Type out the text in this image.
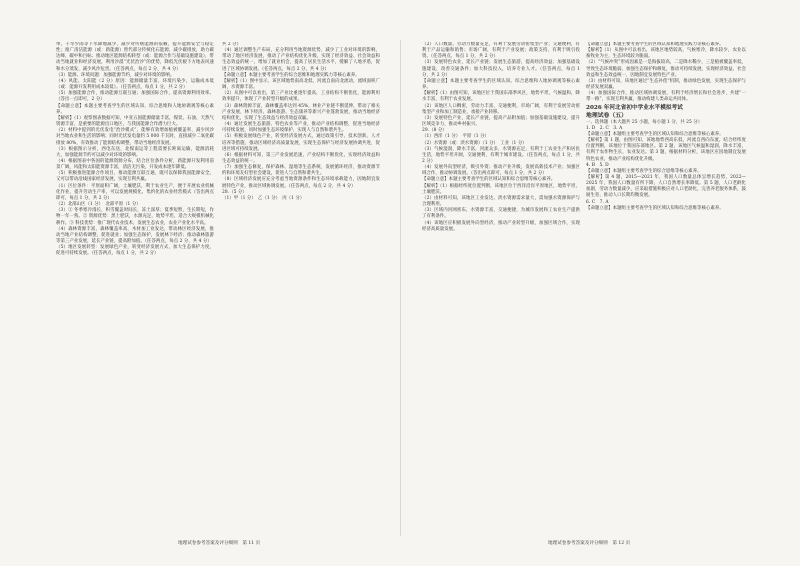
单，干旱少雨等下水降地减少，减少对传统能源的依赖，提升能源安全与稳定性；推广清洁能源（或：新能源）替代部分传统化石能源，减少碳排放，助力碳达峰，碳中和目标；推动地区能源结构转型（或：能源合作与基础设施建设），带动当地就业和经济发展，利用沙漠“光伏治沙”的优势，降低光伏板下方地表风速和水分蒸发，减少风沙危害。（任答两点，每点 2 分，共 4 分）

（3）能源、环境问题：加强能源节约，减少对环境的影响。

（4）风能、太阳能（2 分）原因：能源储量丰富，环境污染少，运输成本低（或：能源开发利用成本较低）。（任答两点，每点 1 分，共 2 分）

（5）加强能源合作，推动能源互联互通；加强国际合作，提高资源利用效率。（答出一点即可，2 分）

【命题立意】本题主要考查学生的区域认知、综合思维和人地协调观等核心素养。

【解析】（1）观察图表数据可知，中亚五国能源储量丰富，煤炭、石油、天然气资源丰富，是重要的能源出口地区，与我国能源合作潜力巨大。

（2）材料中提到的光伏发电“治沙模式”，能够有效增加植被覆盖率，减少风沙对当地农业和生活的影响；同时光伏发电量约 5 000 千瓦时，直接减少二氧化碳排放 80%，有效推动了能源结构调整，带动当地经济发展。

（3）根据图示分析，西电东送，北煤南运等工程需要长距离运输，能源消耗大，加强能源节约可以减少对环境的影响。

（4）根据图表中各国的能源资源分布，结合区位条件分析，新能源开发利用前景广阔，风能和太阳能资源丰富，清洁无污染，开发成本逐年降低。

（5）积极推进能源合作项目，推动能源互联互通，既可以保障我国能源安全，又可以带动沿线国家经济发展，实现互利共赢。

（1）区位条件：平原面积广阔，土壤肥沃，利于农业生产，便于开展农业机械化作业，提升劳动生产率，可以发展规模化、集约化的农业经营模式（答出两点即可，每点 1 分，共 2 分）

（2）北部山区（1 分）　北部平原（1 分）

（3）① 冬季寒冷漫长，积雪覆盖时间长，冻土深厚；夏季短暂，生长期短，作物一年一熟。② 资源优势：黑土肥沃，水源充足，地势平坦，适合大规模机械化耕作。③ 科技优势：推广现代农业技术，发展生态农业，农业产业化水平高。

（4）森林资源丰富，森林覆盖率高，木材加工业发达，带动林区经济发展，推动当地产业结构调整，促进就业；加强生态保护，发展林下经济；推动森林旅游等第三产业发展，延长产业链，提高附加值。（任答两点，每点 2 分，共 4 分）

（5）地区发展转型：发展绿色产业，转变经济发展方式，加大生态保护力度，促进可持续发展。（任答两点，每点 1 分，共 2 分）

共 2 分）

（4）通过调整生产布局，充分利用当地资源优势，减少了工业对环境的影响，带动了地区经济发展，推动了产业结构优化升级，实现了经济效益、社会效益和生态效益的统一，增加了就业机会，提高了居民生活水平，缓解了人地矛盾，促进了区域协调发展。（任答两点，每点 2 分，共 4 分）

【命题立意】本题主要考查学生的综合思维和地理实践力等核心素养。

【解析】（1）图中显示，该区域地势南高北低，河流自南向北流动，流域面积广阔，水资源丰富。

（2）从图中可以看出，第三产业比重逐年提高，工业结构不断优化，能源利用效率提升，体现了产业转型升级的成果。

（3）森林资源丰富，森林覆盖率达到 45%，林业产业链不断延伸，带动了相关产业发展，林下经济、森林旅游、生态康养等新兴产业蓬勃发展，推动当地经济结构优化，实现了生态效益与经济效益双赢。

（4）通过发展生态旅游、特色农业等产业，推动产业结构调整，促进当地经济可持续发展，同时加强生态环境保护，实现人与自然和谐共生。

（5）积极发展绿色产业，转变经济发展方式，通过政策引导、技术创新、人才培养等措施，推动区域经济高质量发展，实现生态保护与经济发展协调共进，促进区域可持续发展。

（6）根据材料可知，第三产业发展迅速，产业结构不断优化，实现经济效益和生态效益的统一。

（7）加强生态修复，保护森林、湿地等生态系统，发展循环经济，推动资源节约和环境友好型社会建设，促进人与自然和谐共生。

（8）区域经济发展应充分考虑当地资源条件和生态环境承载能力，因地制宜发展特色产业，推动区域协调发展。（任答两点，每点 2 分，共 4 分）

28.（5 分）

（1）甲（1 分）　乙（1 分）　丙（1 分）

（2）人口数量、劳动力数量充足，有利于发展劳动密集型产业；交通便利，有利于产品运输和销售；市场广阔，有利于产业发展；政策支持，有利于吸引投资。（任答两点，每点 1 分，共 2 分）

（3）发展特色农业，延长产业链；发展生态旅游，提高经济效益；加强基础设施建设，改善交通条件；加大科技投入，培养专业人才。（任答两点，每点 1 分，共 2 分）

【命题立意】本题主要考查学生的区域认知、综合思维和人地协调观等核心素养。

【解析】（1）由图可知，该地区位于我国东部季风区，地势平坦，气候温和，降水丰富，有利于农业发展。

（2）该地区人口稠密，劳动力丰富，交通便利，市场广阔，有利于发展劳动密集型产业和加工制造业，承接产业转移。

（3）发展特色产业，延长产业链，提高产品附加值；加强基础设施建设，提升区域竞争力，推动乡村振兴。

29.（8 分）

（1）西洋（1 分）　平原（1 分）

（2）水资源（或：淡水资源）（1 分）　工业（1 分）

（3）气候湿润，降水丰富，河流众多，水资源充足，有利于工农业生产和居民生活，地势平坦开阔，交通便利，有利于城市建设。（任答两点，每点 1 分，共 2 分）

（4）发展外向型经济，吸引外资；推动产业升级，发展高新技术产业；加强区域合作，推动协调发展。（答出两点即可，每点 1 分，共 2 分）

【命题立意】本题主要考查学生的区域认知和综合思维等核心素养。

【解析】（1）根据经纬度位置判断，该地区位于西洋沿岸平原地区，地势平坦，土壤肥沃。

（2）由材料可知，该地区工业发达，淡水资源需求量大，需加强水资源保护与合理利用。

（3）区域内河网密布，水资源丰富，交通便捷，为城市发展和工农业生产提供了有利条件。

（4）该地区应积极发展外向型经济，推动产业转型升级，加强区域合作，实现经济高质量发展。

【命题立意】本题主要考查学生的区域认知和地理实践力等核心素养。

【解析】（1）从图中可以看出，该地区地势较高，气候寒冷，降水较少，农业以畜牧业为主，生态环境较为脆弱。

（2）“气候冲突”形成因素是一是海拔较高，二是降水稀少，三是植被覆盖率低，导致生态环境脆弱，加强生态保护和修复，推动可持续发展，实现经济效益、社会效益和生态效益统一，因地制宜发展特色产业。

（3）由材料可知，该地区通过“生态补偿”机制，推动绿色发展，实现生态保护与经济发展双赢。

（4）加强国际合作，推动区域协调发展，有利于经济增长和社会进步，共建“一带一路”，实现互利共赢，推动构建人类命运共同体。

2026 年河北省初中学业水平模拟考试

地理试卷（五）

一、选择题（本大题共 25 小题，每小题 1 分，共 25 分）

1. D　2. C　3. A

【命题立意】本题组主要考查学生的区域认知和综合思维等核心素养。

【解析】第 1 题，由图可知，该地地势西高东低，河流自西向东流，结合经纬度位置判断，该地位于我国东部地区。第 2 题，该地区气候温和湿润，降水丰富，有利于农作物生长，农业发达。第 3 题，根据材料分析，该地区应因地制宜发展特色农业，推动产业结构优化升级。

4. B　5. D

【命题立意】本题组主要考查学生的综合思维等核心素养。

【解析】第 4 题，2015—2021 年，我国人口数量总体呈增长趋势，2022—2025 年，我国人口数量有所下降，人口自然增长率降低。第 5 题，人口老龄化加剧，劳动力数量减少，应采取措施积极应对人口老龄化，完善养老服务体系，鼓励生育，推动人口长期均衡发展。

6. C　7. A

【命题立意】本题组主要考查学生的区域认知和综合思维等核心素养。

地理试卷参考答案及评分细则　第 11 页	地理试卷参考答案及评分细则　第 12 页
